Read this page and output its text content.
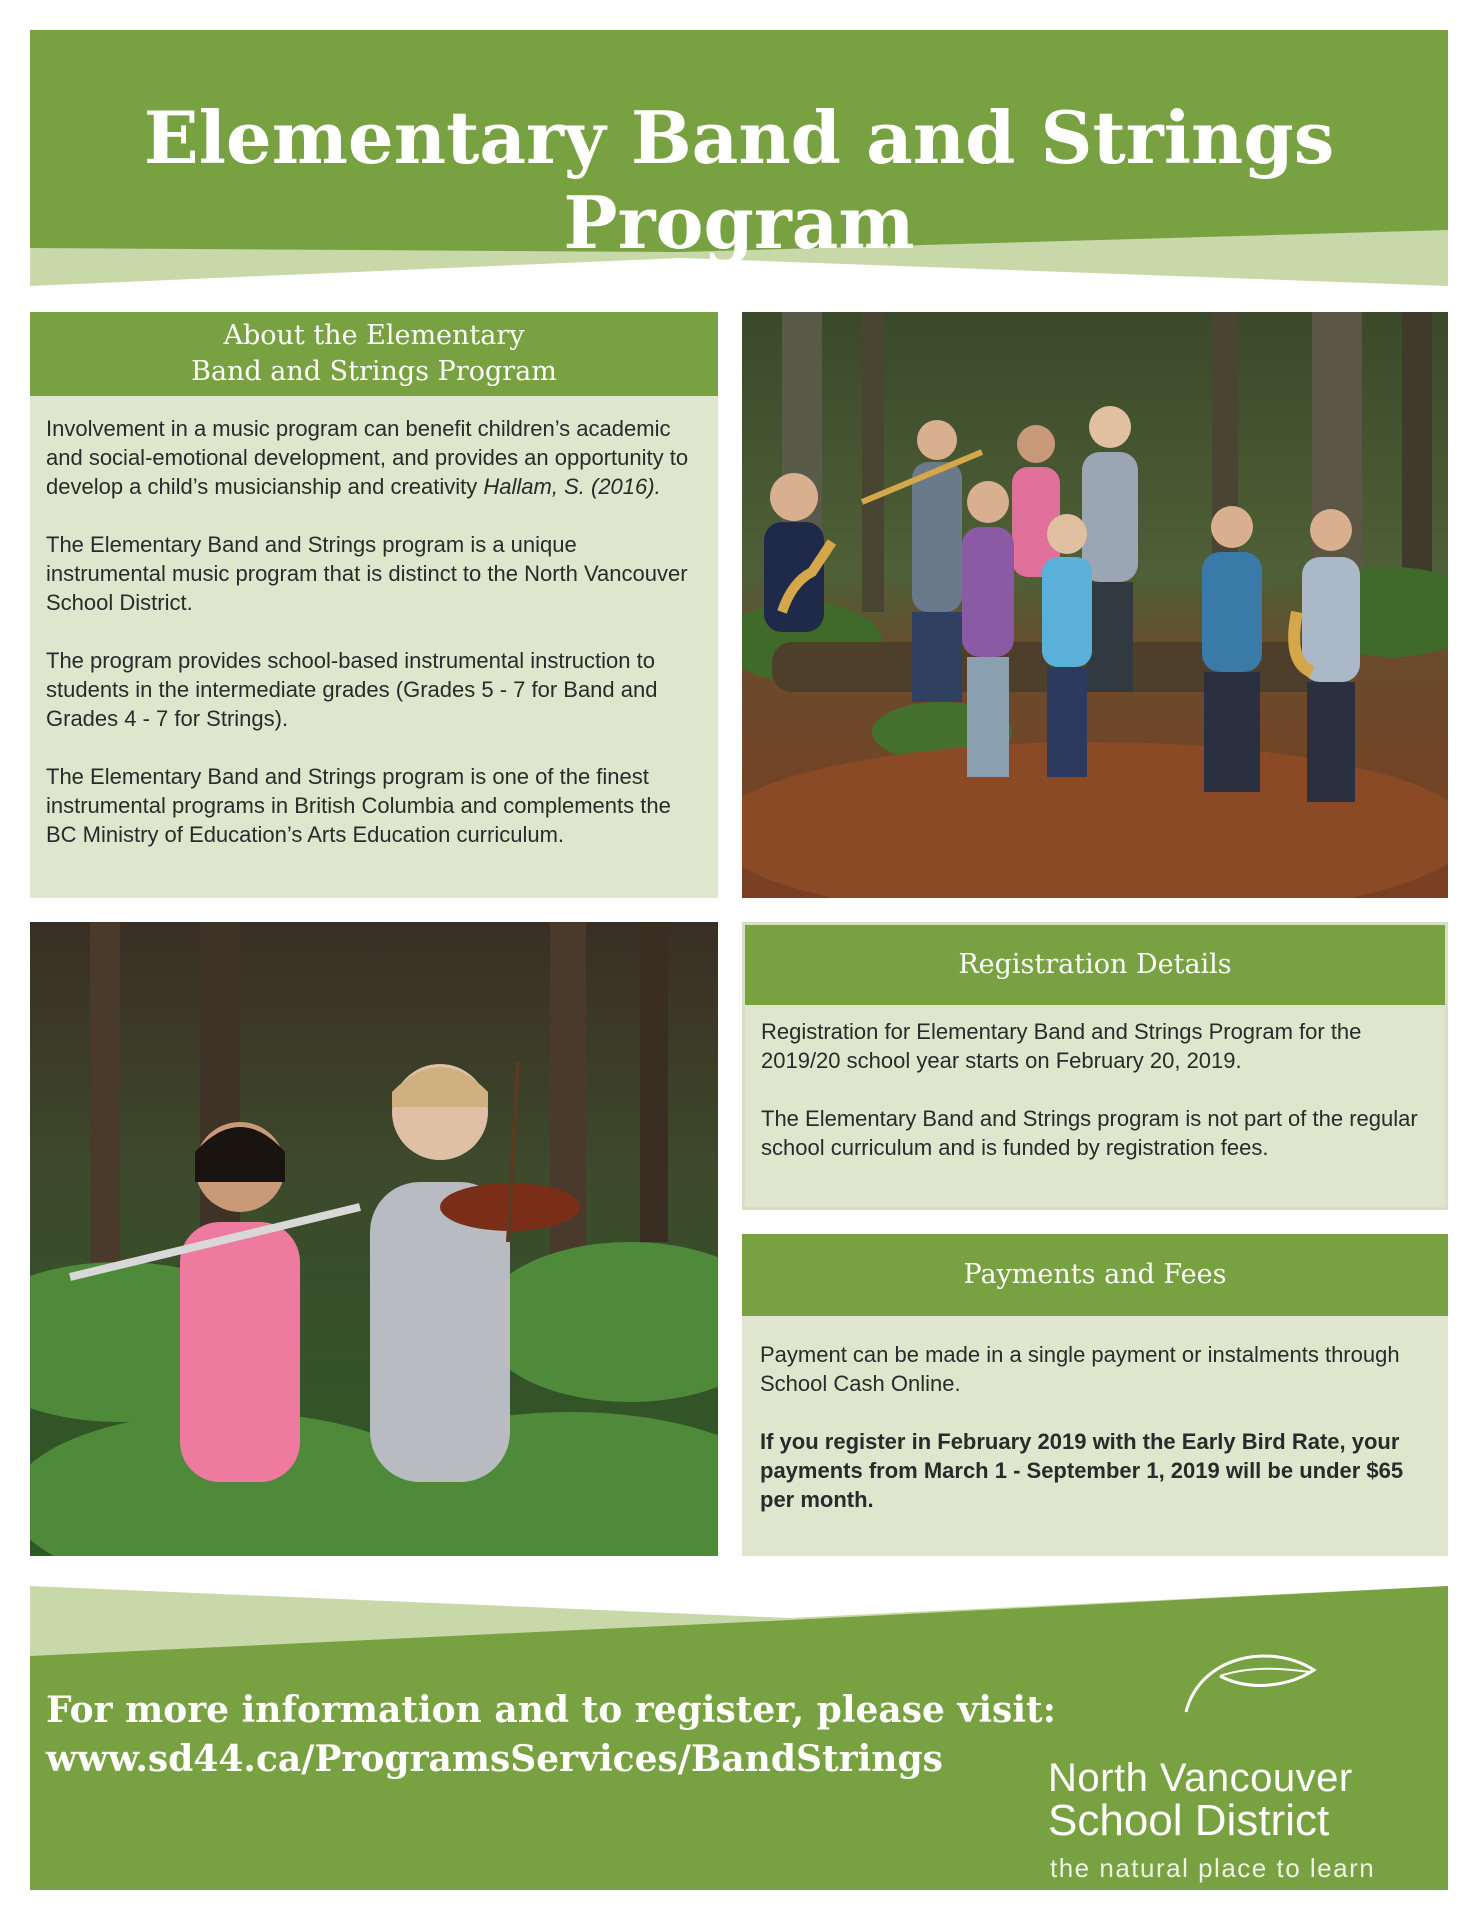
Elementary Band and Strings Program
About the Elementary
Band and Strings Program

Involvement in a music program can benefit children’s academic and social-emotional development, and provides an opportunity to develop a child’s musicianship and creativity Hallam, S. (2016).

The Elementary Band and Strings program is a unique instrumental music program that is distinct to the North Vancouver School District.

The program provides school-based instrumental instruction to students in the intermediate grades (Grades 5 - 7 for Band and Grades 4 - 7 for Strings).

The Elementary Band and Strings program is one of the finest instrumental programs in British Columbia and complements the BC Ministry of Education’s Arts Education curriculum.

Registration Details

Registration for Elementary Band and Strings Program for the 2019/20 school year starts on February 20, 2019.

The Elementary Band and Strings program is not part of the regular school curriculum and is funded by registration fees.

Payments and Fees

Payment can be made in a single payment or instalments through School Cash Online.

If you register in February 2019 with the Early Bird Rate, your payments from March 1 - September 1, 2019 will be under $65 per month.

For more information and to register, please visit:
www.sd44.ca/ProgramsServices/BandStrings	North Vancouver
School District
the natural place to learn
